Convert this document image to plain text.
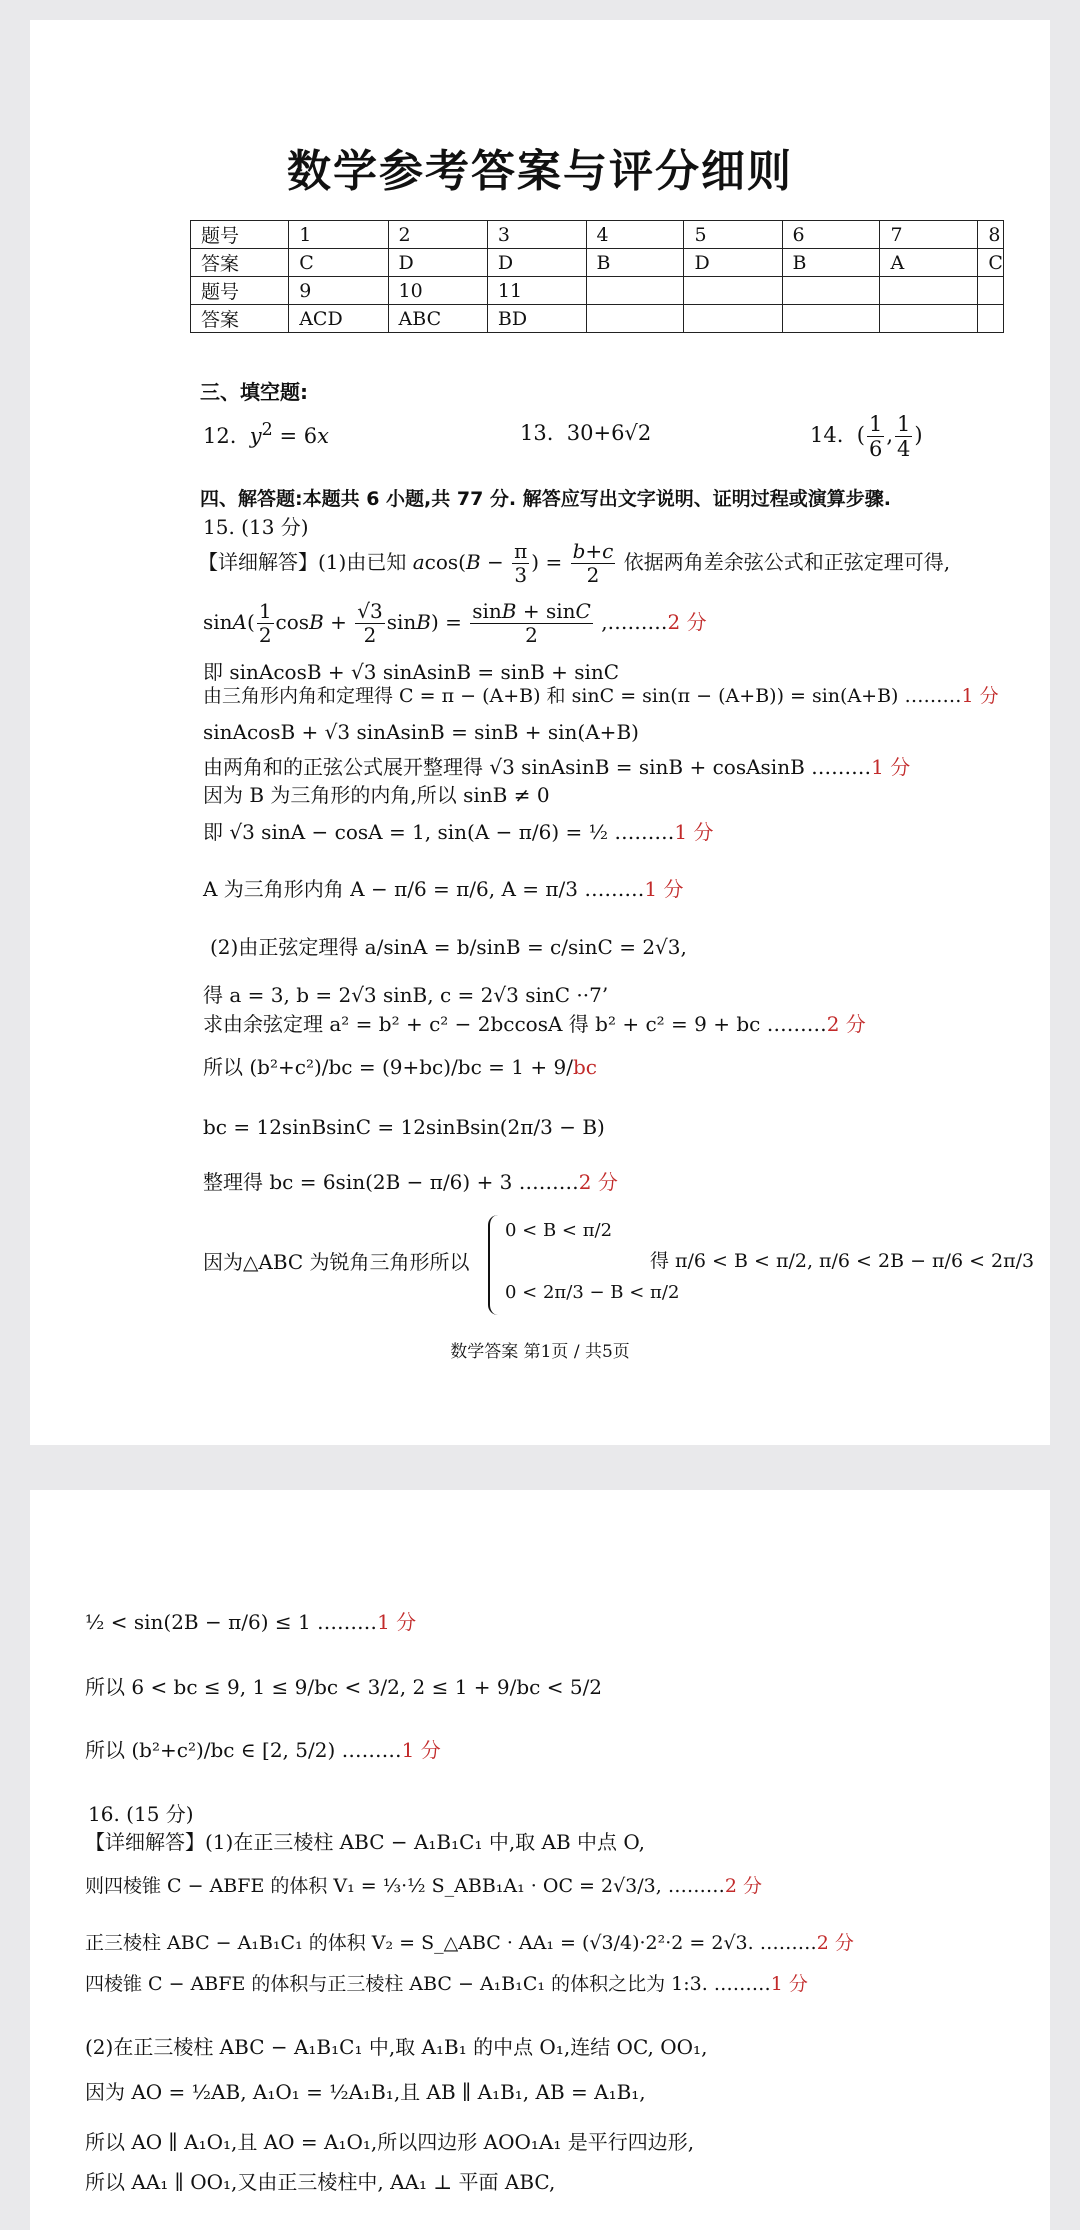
数学参考答案与评分细则
题号	1	2	3	4	5	6	7	8
答案	C	D	D	B	D	B	A	C
题号	9	10	11					
答案	ACD	ABC	BD					
三、填空题:
12. $y^2 = 6x$	13.  30+6√2	14.  ( $\frac{1}{6}$ , $\frac{1}{4}$ )
四、解答题:本题共 6 小题,共 77 分. 解答应写出文字说明、证明过程或演算步骤.
15. (13 分)
【详细解答】(1)由已知 $acos(B - \frac{\pi}{3}$ ) = $\frac{b+c}{2}$ 依据两角差余弦公式和正弦定理可得,
$\sin A( \frac{1}{2}$ $\cos B + \frac{√3}{2} \sin B) = \frac{\sin B + \sin C}{2}$ ,………2 分
即 sinAcosB + √3 sinAsinB = sinB + sinC
由三角形内角和定理得 C = π − (A+B) 和 sinC = sin(π − (A+B)) = sin(A+B) ………1 分
sinAcosB + √3 sinAsinB = sinB + sin(A+B)
由两角和的正弦公式展开整理得 √3 sinAsinB = sinB + cosAsinB ………1 分
因为 B 为三角形的内角,所以 sinB ≠ 0
即 √3 sinA − cosA = 1, sin(A − π/6) = ½ ………1 分
A 为三角形内角 A − π/6 = π/6, A = π/3 ………1 分
(2)由正弦定理得 a/sinA = b/sinB = c/sinC = 2√3,
得 a = 3, b = 2√3 sinB, c = 2√3 sinC ··7’
求由余弦定理 a² = b² + c² − 2bccosA 得 b² + c² = 9 + bc ………2 分
所以 (b²+c²)/bc = (9+bc)/bc = 1 + 9/bc
bc = 12sinBsinC = 12sinBsin(2π/3 − B)
整理得 bc = 6sin(2B − π/6) + 3 ………2 分
因为△ABC 为锐角三角形所以
0 < B < π/2
0 < 2π/3 − B < π/2
得 π/6 < B < π/2, π/6 < 2B − π/6 < 2π/3
数学答案 第1页 / 共5页
½ < sin(2B − π/6) ≤ 1 ………1 分
所以 6 < bc ≤ 9, 1 ≤ 9/bc < 3/2, 2 ≤ 1 + 9/bc < 5/2
所以 (b²+c²)/bc ∈ [2, 5/2) ………1 分
16. (15 分)
【详细解答】(1)在正三棱柱 ABC − A₁B₁C₁ 中,取 AB 中点 O,
则四棱锥 C − ABFE 的体积 V₁ = ⅓·½ S_ABB₁A₁ · OC = 2√3/3, ………2 分
正三棱柱 ABC − A₁B₁C₁ 的体积 V₂ = S_△ABC · AA₁ = (√3/4)·2²·2 = 2√3. ………2 分
四棱锥 C − ABFE 的体积与正三棱柱 ABC − A₁B₁C₁ 的体积之比为 1:3. ………1 分
(2)在正三棱柱 ABC − A₁B₁C₁ 中,取 A₁B₁ 的中点 O₁,连结 OC, OO₁,
因为 AO = ½AB, A₁O₁ = ½A₁B₁,且 AB ∥ A₁B₁, AB = A₁B₁,
所以 AO ∥ A₁O₁,且 AO = A₁O₁,所以四边形 AOO₁A₁ 是平行四边形,
所以 AA₁ ∥ OO₁,又由正三棱柱中, AA₁ ⊥ 平面 ABC,
